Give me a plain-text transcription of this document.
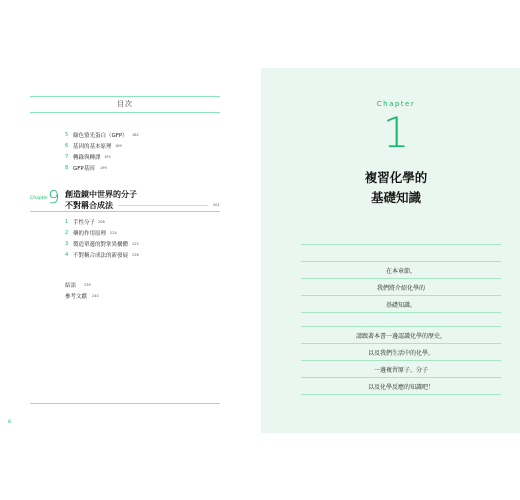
目次
5 綠色螢光蛋白（GFP） 182
6 基因的基本原理 189
7 轉錄與轉譯 193
8 GFP基因 199
Chapter 9 創造鏡中世界的分子
不對稱合成法	201
1 手性分子 208
2 藥的作用原理 224
3 製造單邊的對掌異構體 222
4 不對稱合成法的新發展 226
結語 239
參考文獻 240
8
Chapter
1
複習化學的
基礎知識
在本章節，
我們將介紹化學的
基礎知識。
請跟著本書一邊認識化學的歷史，
以及我們生活中的化學，
一邊複習原子、分子
以及化學反應的知識吧！
